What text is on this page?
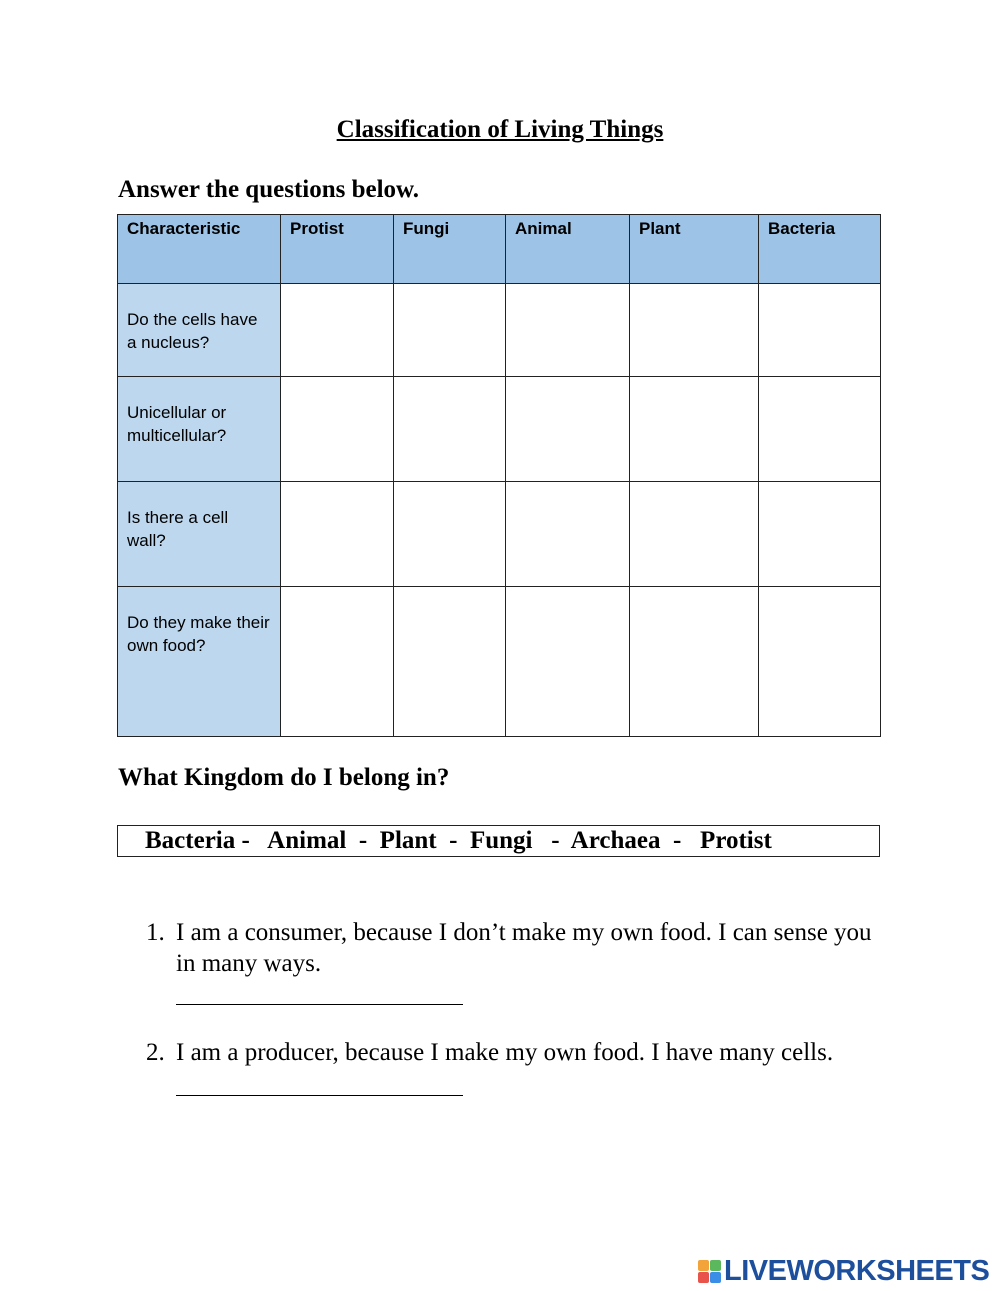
Classification of Living Things
Answer the questions below.
Characteristic	Protist	Fungi	Animal	Plant	Bacteria

Do the cells have a nucleus?					

Unicellular or multicellular?					

Is there a cell wall?					

Do they make their own food?					

What Kingdom do I belong in?
Bacteria -   Animal  -  Plant  -  Fungi   -  Archaea  -   Protist
1. I am a consumer, because I don’t make my own food. I can sense you in many ways.
2. I am a producer, because I make my own food. I have many cells.
LIVEWORKSHEETS
